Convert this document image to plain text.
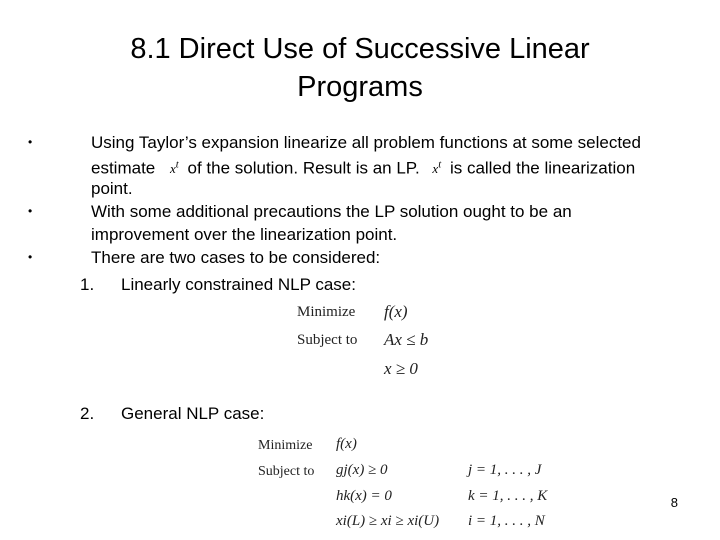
8.1 Direct Use of Successive Linear
Programs
•	Using Taylor’s expansion linearize all problem functions at some selected
estimate $x^t$ of the solution. Result is an LP. $x^t$ is called the linearization
point.
•	With some additional precautions the LP solution ought to be an
improvement over the linearization point.
•	There are two cases to be considered:
1. Linearly constrained NLP case:
Minimize f(x)
Subject to Ax ≤ b
x ≥ 0
2. General NLP case:
Minimize f(x)
Subject to gj(x) ≥ 0	j = 1, . . . , J
hk(x) = 0	k = 1, . . . , K
xi(L) ≥ xi ≥ xi(U) i = 1, . . . , N
8
